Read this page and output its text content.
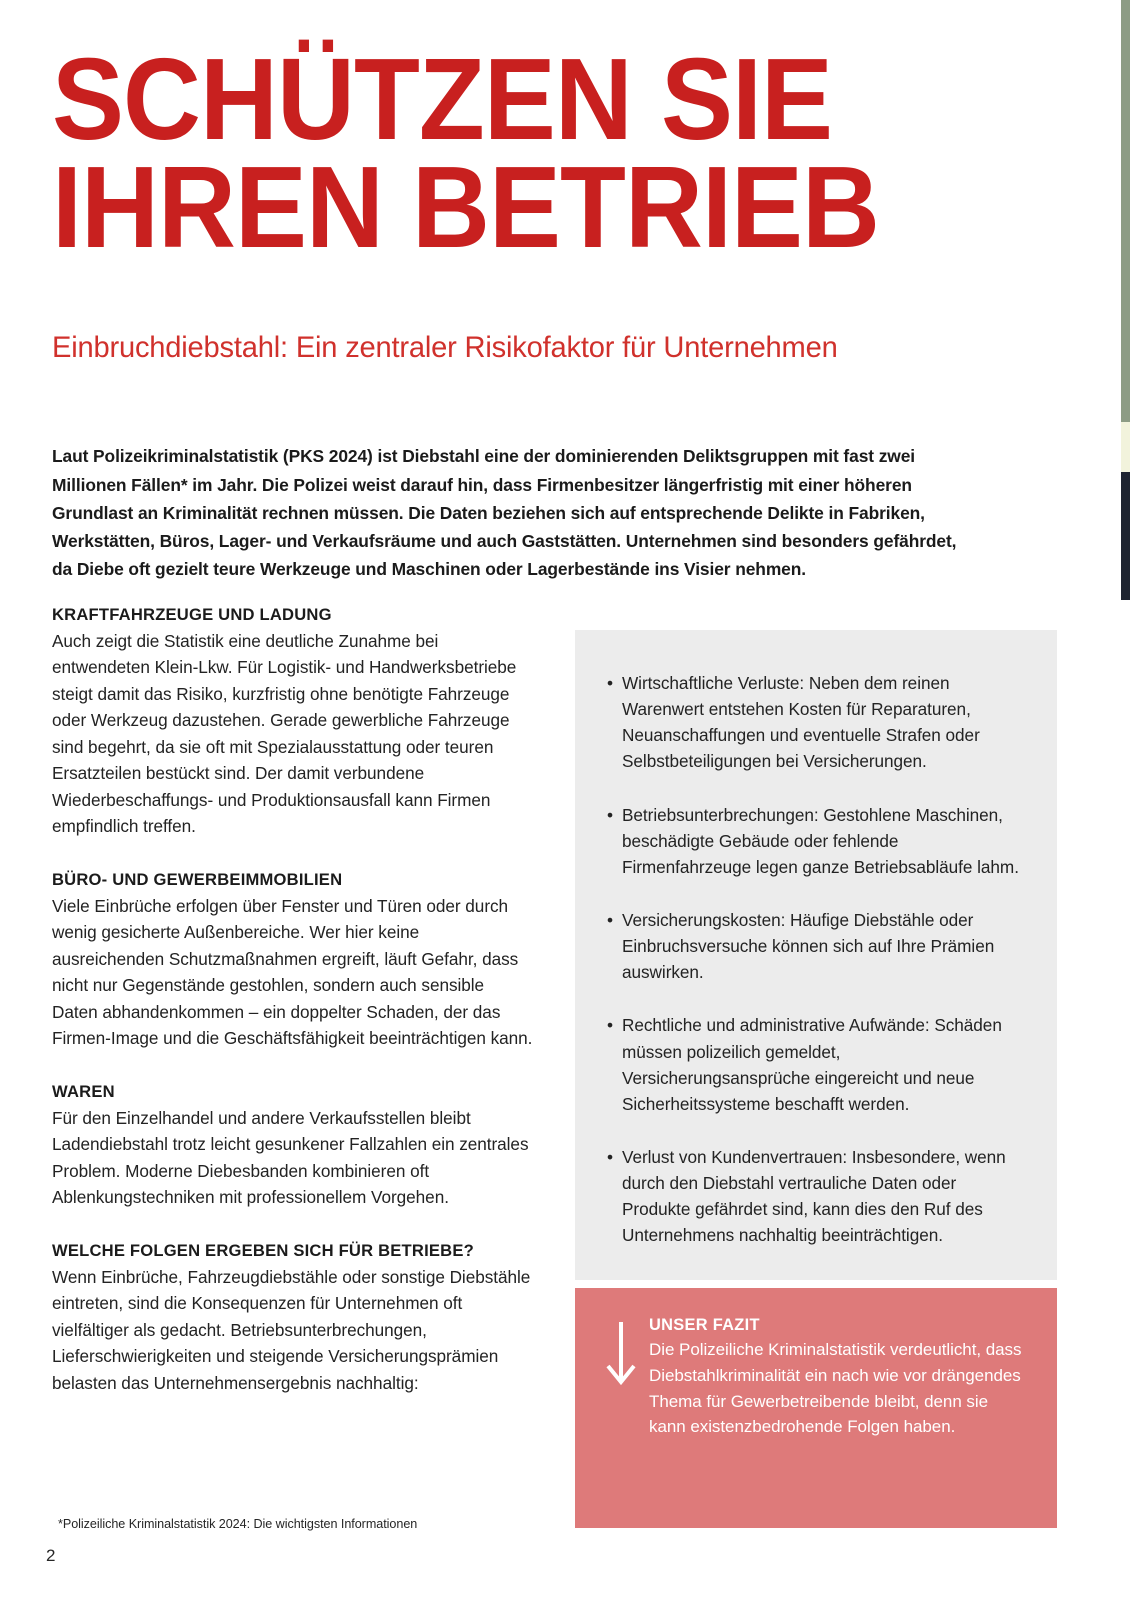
SCHÜTZEN SIE
IHREN BETRIEB
Einbruchdiebstahl: Ein zentraler Risikofaktor für Unternehmen

Laut Polizeikriminalstatistik (PKS 2024) ist Diebstahl eine der dominierenden Deliktsgruppen mit fast zwei Millionen Fällen* im Jahr. Die Polizei weist darauf hin, dass Firmenbesitzer längerfristig mit einer höheren Grundlast an Kriminalität rechnen müssen. Die Daten beziehen sich auf entsprechende Delikte in Fabriken, Werkstätten, Büros, Lager- und Verkaufsräume und auch Gaststätten. Unternehmen sind besonders gefährdet, da Diebe oft gezielt teure Werkzeuge und Maschinen oder Lagerbestände ins Visier nehmen.

KRAFTFAHRZEUGE UND LADUNG

Auch zeigt die Statistik eine deutliche Zunahme bei entwendeten Klein-Lkw. Für Logistik- und Handwerksbetriebe steigt damit das Risiko, kurzfristig ohne benötigte Fahrzeuge oder Werkzeug dazustehen. Gerade gewerbliche Fahrzeuge sind begehrt, da sie oft mit Spezialausstattung oder teuren Ersatzteilen bestückt sind. Der damit verbundene Wiederbeschaffungs- und Produktionsausfall kann Firmen empfindlich treffen.

BÜRO- UND GEWERBEIMMOBILIEN

Viele Einbrüche erfolgen über Fenster und Türen oder durch wenig gesicherte Außenbereiche. Wer hier keine ausreichenden Schutzmaßnahmen ergreift, läuft Gefahr, dass nicht nur Gegenstände gestohlen, sondern auch sensible Daten abhandenkommen – ein doppelter Schaden, der das Firmen-Image und die Geschäftsfähigkeit beeinträchtigen kann.

WAREN

Für den Einzelhandel und andere Verkaufsstellen bleibt Ladendiebstahl trotz leicht gesunkener Fallzahlen ein zentrales Problem. Moderne Diebesbanden kombinieren oft Ablenkungstechniken mit professionellem Vorgehen.

WELCHE FOLGEN ERGEBEN SICH FÜR BETRIEBE?

Wenn Einbrüche, Fahrzeugdiebstähle oder sonstige Diebstähle eintreten, sind die Konsequenzen für Unternehmen oft vielfältiger als gedacht. Betriebsunterbrechungen, Lieferschwierigkeiten und steigende Versicherungsprämien belasten das Unternehmensergebnis nachhaltig:

• Wirtschaftliche Verluste: Neben dem reinen Warenwert entstehen Kosten für Reparaturen, Neuanschaffungen und eventuelle Strafen oder Selbstbeteiligungen bei Versicherungen.
• Betriebsunterbrechungen: Gestohlene Maschinen, beschädigte Gebäude oder fehlende Firmenfahrzeuge legen ganze Betriebsabläufe lahm.
• Versicherungskosten: Häufige Diebstähle oder Einbruchsversuche können sich auf Ihre Prämien auswirken.
• Rechtliche und administrative Aufwände: Schäden müssen polizeilich gemeldet, Versicherungsansprüche eingereicht und neue Sicherheitssysteme beschafft werden.
• Verlust von Kundenvertrauen: Insbesondere, wenn durch den Diebstahl vertrauliche Daten oder Produkte gefährdet sind, kann dies den Ruf des Unternehmens nachhaltig beeinträchtigen.
UNSER FAZIT

Die Polizeiliche Kriminalstatistik verdeutlicht, dass Diebstahlkriminalität ein nach wie vor drängendes Thema für Gewerbetreibende bleibt, denn sie kann existenzbedrohende Folgen haben.

*Polizeiliche Kriminalstatistik 2024: Die wichtigsten Informationen
2
